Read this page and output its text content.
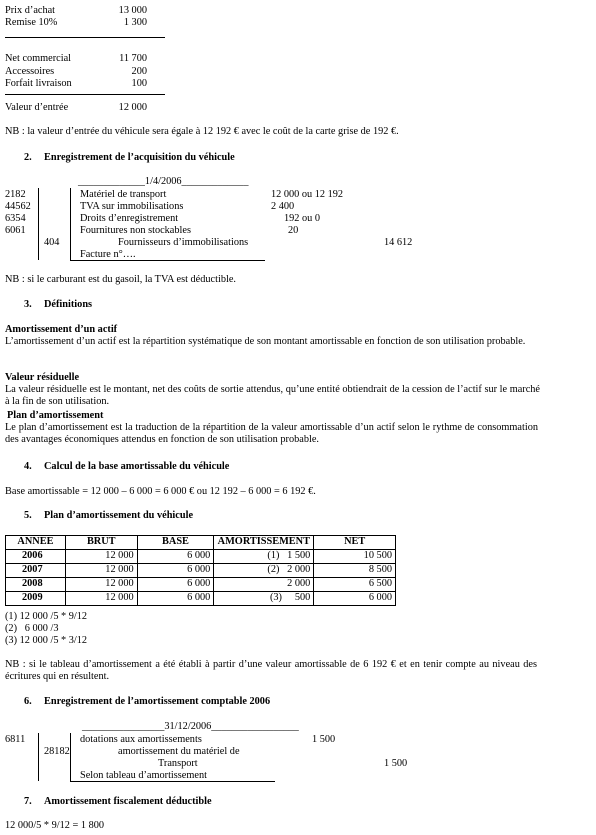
Prix d’achat	13 000
Remise 10%	1 300
Net commercial	11 700
Accessoires	200
Forfait livraison	100
Valeur d’entrée	12 000
NB : la valeur d’entrée du véhicule sera égale à 12 192 € avec le coût de la carte grise de 192 €.
2. Enregistrement de l’acquisition du véhicule
_____________1/4/2006_____________
2182	Matériel de transport	12 000 ou 12 192
44562	TVA sur immobilisations	2 400
6354	Droits d’enregistrement	192 ou 0
6061	Fournitures non stockables	20
404	Fournisseurs d’immobilisations	14 612
Facture n°….
NB : si le carburant est du gasoil, la TVA est déductible.
3. Définitions
Amortissement d’un actif
L’amortissement d’un actif est la répartition systématique de son montant amortissable en fonction de son utilisation probable.
Valeur résiduelle
La valeur résiduelle est le montant, net des coûts de sortie attendus, qu’une entité obtiendrait de la cession de l’actif sur le marché à la fin de son utilisation.
Plan d’amortissement
Le plan d’amortissement est la traduction de la répartition de la valeur amortissable d’un actif selon le rythme de consommation des avantages économiques attendus en fonction de son utilisation probable.
4. Calcul de la base amortissable du véhicule
Base amortissable = 12 000 – 6 000 = 6 000 € ou 12 192 – 6 000 = 6 192 €.
5. Plan d’amortissement du véhicule
ANNEE	BRUT	BASE	AMORTISSEMENT	NET
2006	12 000	6 000	(1)   1 500	10 500
2007	12 000	6 000	(2)   2 000	8 500
2008	12 000	6 000	2 000	6 500
2009	12 000	6 000	(3)     500	6 000
(1) 12 000 /5 * 9/12
(2)   6 000 /3
(3) 12 000 /5 * 3/12
NB : si le tableau d’amortissement a été établi à partir d’une valeur amortissable de 6 192 € et en tenir compte au niveau des écritures qui en résultent.
6. Enregistrement de l’amortissement comptable 2006
________________31/12/2006_________________
6811	dotations aux amortissements	1 500
28182	amortissement du matériel de
Transport	1 500
Selon tableau d’amortissement
7. Amortissement fiscalement déductible
12 000/5 * 9/12 = 1 800
